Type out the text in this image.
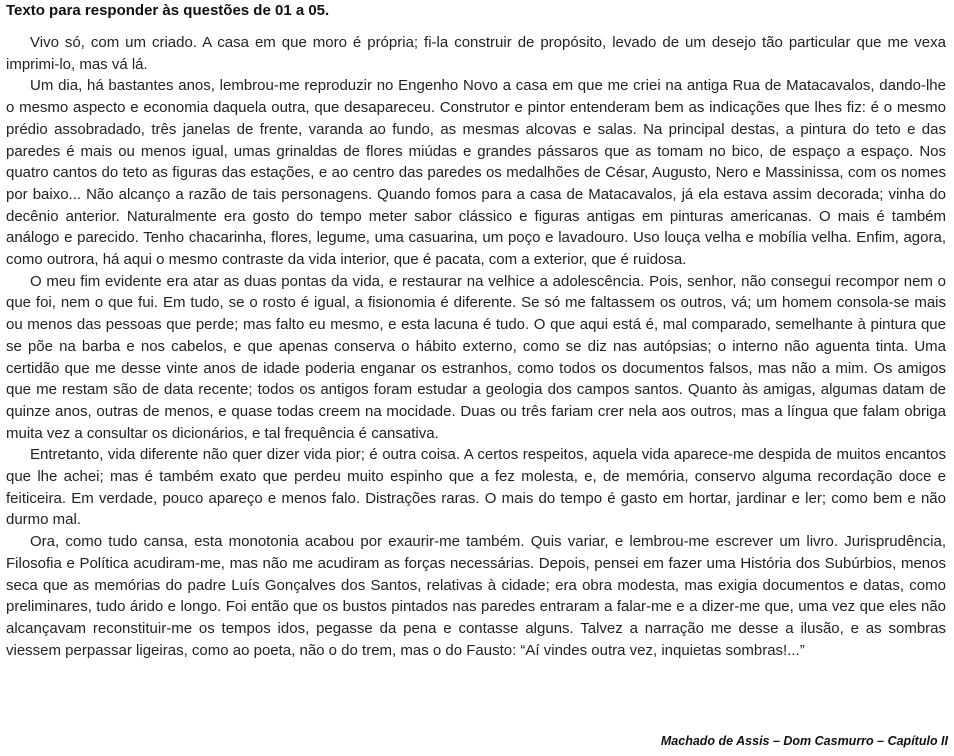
Texto para responder às questões de 01 a 05.

Vivo só, com um criado. A casa em que moro é própria; fi-la construir de propósito, levado de um desejo tão particular que me vexa imprimi-lo, mas vá lá.

Um dia, há bastantes anos, lembrou-me reproduzir no Engenho Novo a casa em que me criei na antiga Rua de Matacavalos, dando-lhe o mesmo aspecto e economia daquela outra, que desapareceu. Construtor e pintor entenderam bem as indicações que lhes fiz: é o mesmo prédio assobradado, três janelas de frente, varanda ao fundo, as mesmas alcovas e salas. Na principal destas, a pintura do teto e das paredes é mais ou menos igual, umas grinaldas de flores miúdas e grandes pássaros que as tomam no bico, de espaço a espaço. Nos quatro cantos do teto as figuras das estações, e ao centro das paredes os medalhões de César, Augusto, Nero e Massinissa, com os nomes por baixo... Não alcanço a razão de tais personagens. Quando fomos para a casa de Matacavalos, já ela estava assim decorada; vinha do decênio anterior. Naturalmente era gosto do tempo meter sabor clássico e figuras antigas em pinturas americanas. O mais é também análogo e parecido. Tenho chacarinha, flores, legume, uma casuarina, um poço e lavadouro. Uso louça velha e mobília velha. Enfim, agora, como outrora, há aqui o mesmo contraste da vida interior, que é pacata, com a exterior, que é ruidosa.

O meu fim evidente era atar as duas pontas da vida, e restaurar na velhice a adolescência. Pois, senhor, não consegui recompor nem o que foi, nem o que fui. Em tudo, se o rosto é igual, a fisionomia é diferente. Se só me faltassem os outros, vá; um homem consola-se mais ou menos das pessoas que perde; mas falto eu mesmo, e esta lacuna é tudo. O que aqui está é, mal comparado, semelhante à pintura que se põe na barba e nos cabelos, e que apenas conserva o hábito externo, como se diz nas autópsias; o interno não aguenta tinta. Uma certidão que me desse vinte anos de idade poderia enganar os estranhos, como todos os documentos falsos, mas não a mim. Os amigos que me restam são de data recente; todos os antigos foram estudar a geologia dos campos santos. Quanto às amigas, algumas datam de quinze anos, outras de menos, e quase todas creem na mocidade. Duas ou três fariam crer nela aos outros, mas a língua que falam obriga muita vez a consultar os dicionários, e tal frequência é cansativa.

Entretanto, vida diferente não quer dizer vida pior; é outra coisa. A certos respeitos, aquela vida aparece-me despida de muitos encantos que lhe achei; mas é também exato que perdeu muito espinho que a fez molesta, e, de memória, conservo alguma recordação doce e feiticeira. Em verdade, pouco apareço e menos falo. Distrações raras. O mais do tempo é gasto em hortar, jardinar e ler; como bem e não durmo mal.

Ora, como tudo cansa, esta monotonia acabou por exaurir-me também. Quis variar, e lembrou-me escrever um livro. Jurisprudência, Filosofia e Política acudiram-me, mas não me acudiram as forças necessárias. Depois, pensei em fazer uma História dos Subúrbios, menos seca que as memórias do padre Luís Gonçalves dos Santos, relativas à cidade; era obra modesta, mas exigia documentos e datas, como preliminares, tudo árido e longo. Foi então que os bustos pintados nas paredes entraram a falar-me e a dizer-me que, uma vez que eles não alcançavam reconstituir-me os tempos idos, pegasse da pena e contasse alguns. Talvez a narração me desse a ilusão, e as sombras viessem perpassar ligeiras, como ao poeta, não o do trem, mas o do Fausto: “Aí vindes outra vez, inquietas sombras!...”

Machado de Assis – Dom Casmurro – Capítulo II
